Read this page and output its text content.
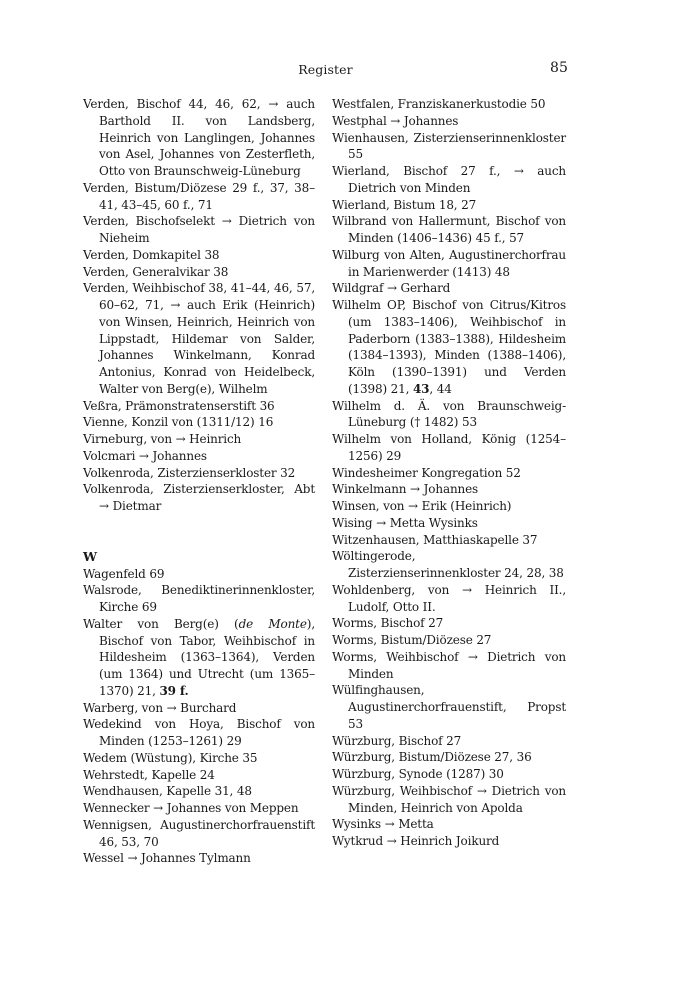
Register	85
Verden, Bischof 44, 46, 62, → auch Barthold II. von Landsberg, Heinrich von Langlingen, Johannes von Asel, Johannes von Zesterfleth, Otto von Braunschweig-Lüneburg
Verden, Bistum/Diözese 29 f., 37, 38–41, 43–45, 60 f., 71
Verden, Bischofselekt → Dietrich von Nieheim
Verden, Domkapitel 38
Verden, Generalvikar 38
Verden, Weihbischof 38, 41–44, 46, 57, 60–62, 71, → auch Erik (Heinrich) von Winsen, Heinrich, Heinrich von Lippstadt, Hildemar von Salder, Johannes Winkelmann, Konrad Antonius, Konrad von Heidelbeck, Walter von Berg(e), Wilhelm
Veßra, Prämonstratenserstift 36
Vienne, Konzil von (1311/12) 16
Virneburg, von → Heinrich
Volcmari → Johannes
Volkenroda, Zisterzienserkloster 32
Volkenroda, Zisterzienserkloster, Abt → Dietmar
W
Wagenfeld 69
Walsrode, Benediktinerinnenkloster, Kirche 69
Walter von Berg(e) (de Monte), Bischof von Tabor, Weihbischof in Hildesheim (1363–1364), Verden (um 1364) und Utrecht (um 1365–1370) 21, 39 f.
Warberg, von → Burchard
Wedekind von Hoya, Bischof von Minden (1253–1261) 29
Wedem (Wüstung), Kirche 35
Wehrstedt, Kapelle 24
Wendhausen, Kapelle 31, 48
Wennecker → Johannes von Meppen
Wennigsen, Augustinerchorfrauenstift 46, 53, 70
Wessel → Johannes Tylmann
Westfalen, Franziskanerkustodie 50
Westphal → Johannes
Wienhausen, Zisterzienserinnenkloster 55
Wierland, Bischof 27 f., → auch Dietrich von Minden
Wierland, Bistum 18, 27
Wilbrand von Hallermunt, Bischof von Minden (1406–1436) 45 f., 57
Wilburg von Alten, Augustinerchorfrau in Marienwerder (1413) 48
Wildgraf → Gerhard
Wilhelm OP, Bischof von Citrus/Kitros (um 1383–1406), Weihbischof in Paderborn (1383–1388), Hildesheim (1384–1393), Minden (1388–1406), Köln (1390–1391) und Verden (1398) 21, 43, 44
Wilhelm d. Ä. von Braunschweig-Lüneburg († 1482) 53
Wilhelm von Holland, König (1254–1256) 29
Windesheimer Kongregation 52
Winkelmann → Johannes
Winsen, von → Erik (Heinrich)
Wising → Metta Wysinks
Witzenhausen, Matthiaskapelle 37
Wöltingerode, Zisterzienserinnenkloster 24, 28, 38
Wohldenberg, von → Heinrich II., Ludolf, Otto II.
Worms, Bischof 27
Worms, Bistum/Diözese 27
Worms, Weihbischof → Dietrich von Minden
Wülfinghausen, Augustinerchorfrauenstift, Propst 53
Würzburg, Bischof 27
Würzburg, Bistum/Diözese 27, 36
Würzburg, Synode (1287) 30
Würzburg, Weihbischof → Dietrich von Minden, Heinrich von Apolda
Wysinks → Metta
Wytkrud → Heinrich Joikurd
